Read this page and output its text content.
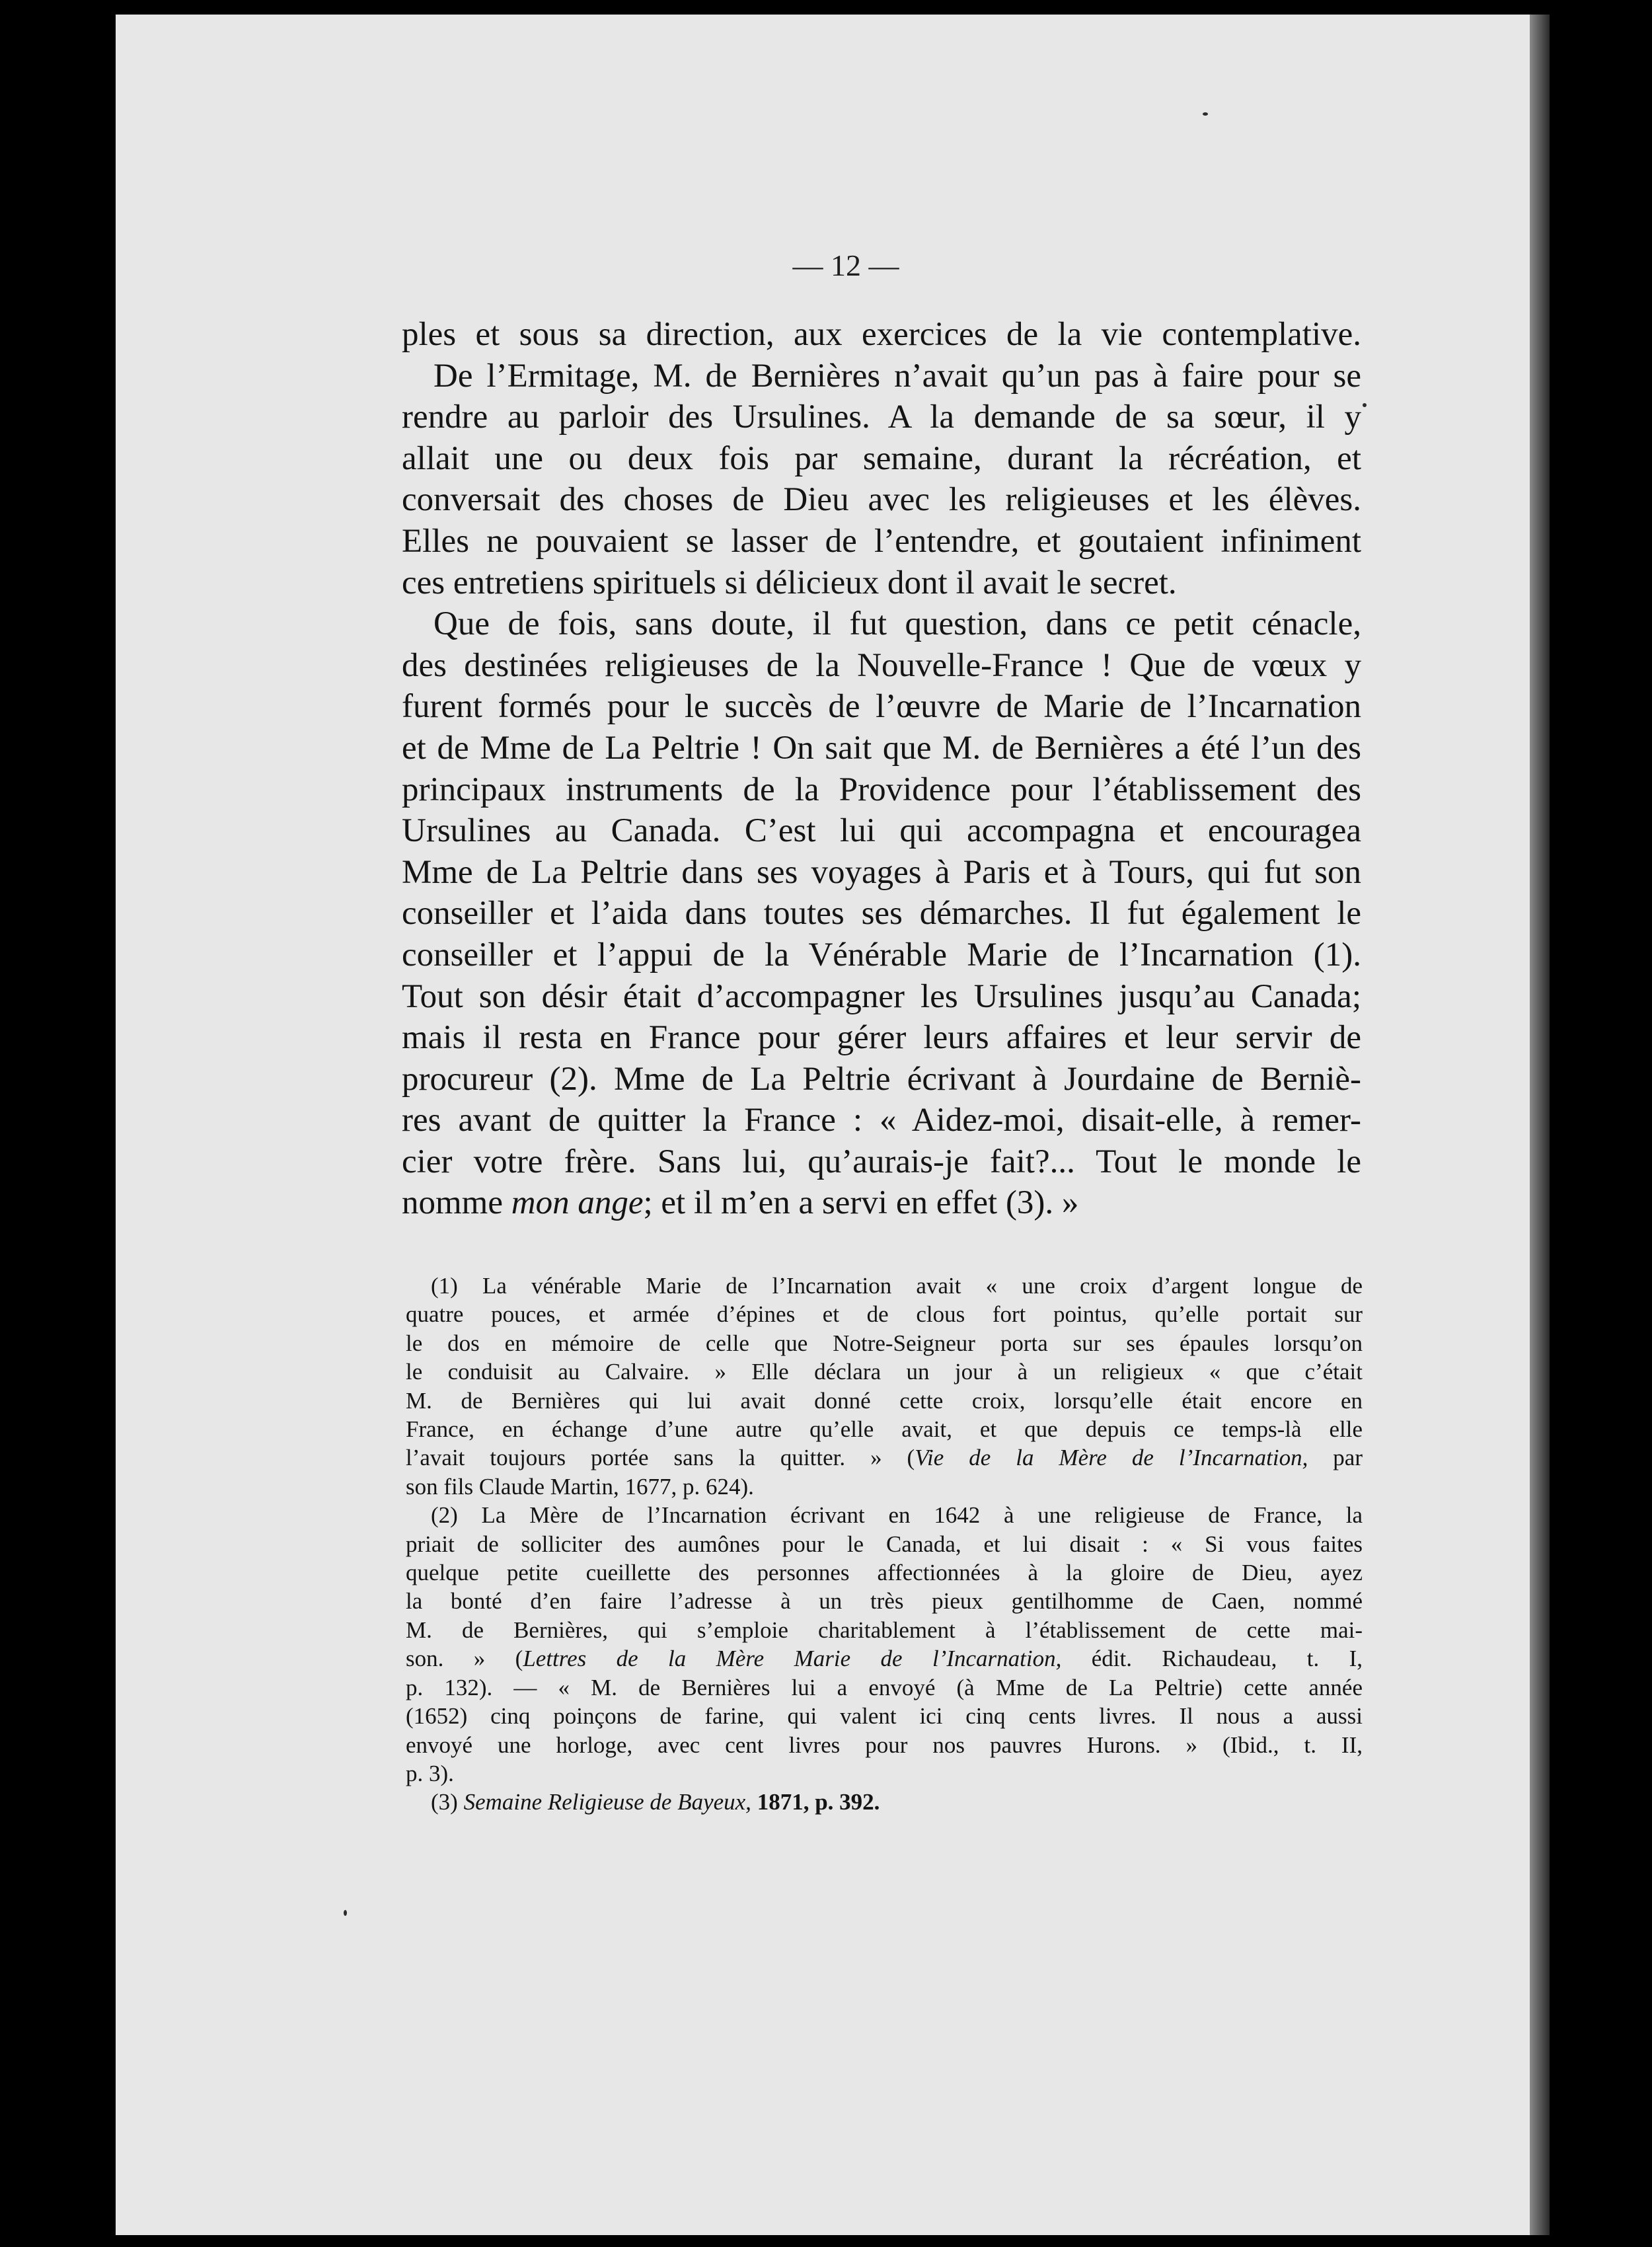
— 12 —
ples et sous sa direction, aux exercices de la vie contemplative.
De l’Ermitage, M. de Bernières n’avait qu’un pas à faire pour se
rendre au parloir des Ursulines. A la demande de sa sœur, il y
allait une ou deux fois par semaine, durant la récréation, et
conversait des choses de Dieu avec les religieuses et les élèves.
Elles ne pouvaient se lasser de l’entendre, et goutaient infiniment
ces entretiens spirituels si délicieux dont il avait le secret.
Que de fois, sans doute, il fut question, dans ce petit cénacle,
des destinées religieuses de la Nouvelle-France ! Que de vœux y
furent formés pour le succès de l’œuvre de Marie de l’Incarnation
et de Mme de La Peltrie ! On sait que M. de Bernières a été l’un des
principaux instruments de la Providence pour l’établissement des
Ursulines au Canada. C’est lui qui accompagna et encouragea
Mme de La Peltrie dans ses voyages à Paris et à Tours, qui fut son
conseiller et l’aida dans toutes ses démarches. Il fut également le
conseiller et l’appui de la Vénérable Marie de l’Incarnation (1).
Tout son désir était d’accompagner les Ursulines jusqu’au Canada;
mais il resta en France pour gérer leurs affaires et leur servir de
procureur (2). Mme de La Peltrie écrivant à Jourdaine de Berniè-
res avant de quitter la France : « Aidez-moi, disait-elle, à remer-
cier votre frère. Sans lui, qu’aurais-je fait?... Tout le monde le
nomme mon ange; et il m’en a servi en effet (3). »
(1) La vénérable Marie de l’Incarnation avait « une croix d’argent longue de
quatre pouces, et armée d’épines et de clous fort pointus, qu’elle portait sur
le dos en mémoire de celle que Notre-Seigneur porta sur ses épaules lorsqu’on
le conduisit au Calvaire. » Elle déclara un jour à un religieux « que c’était
M. de Bernières qui lui avait donné cette croix, lorsqu’elle était encore en
France, en échange d’une autre qu’elle avait, et que depuis ce temps-là elle
l’avait toujours portée sans la quitter. » (Vie de la Mère de l’Incarnation, par
son fils Claude Martin, 1677, p. 624).
(2) La Mère de l’Incarnation écrivant en 1642 à une religieuse de France, la
priait de solliciter des aumônes pour le Canada, et lui disait : « Si vous faites
quelque petite cueillette des personnes affectionnées à la gloire de Dieu, ayez
la bonté d’en faire l’adresse à un très pieux gentilhomme de Caen, nommé
M. de Bernières, qui s’emploie charitablement à l’établissement de cette mai-
son. » (Lettres de la Mère Marie de l’Incarnation, édit. Richaudeau, t. I,
p. 132). — « M. de Bernières lui a envoyé (à Mme de La Peltrie) cette année
(1652) cinq poinçons de farine, qui valent ici cinq cents livres. Il nous a aussi
envoyé une horloge, avec cent livres pour nos pauvres Hurons. » (Ibid., t. II,
p. 3).
(3) Semaine Religieuse de Bayeux, 1871, p. 392.
